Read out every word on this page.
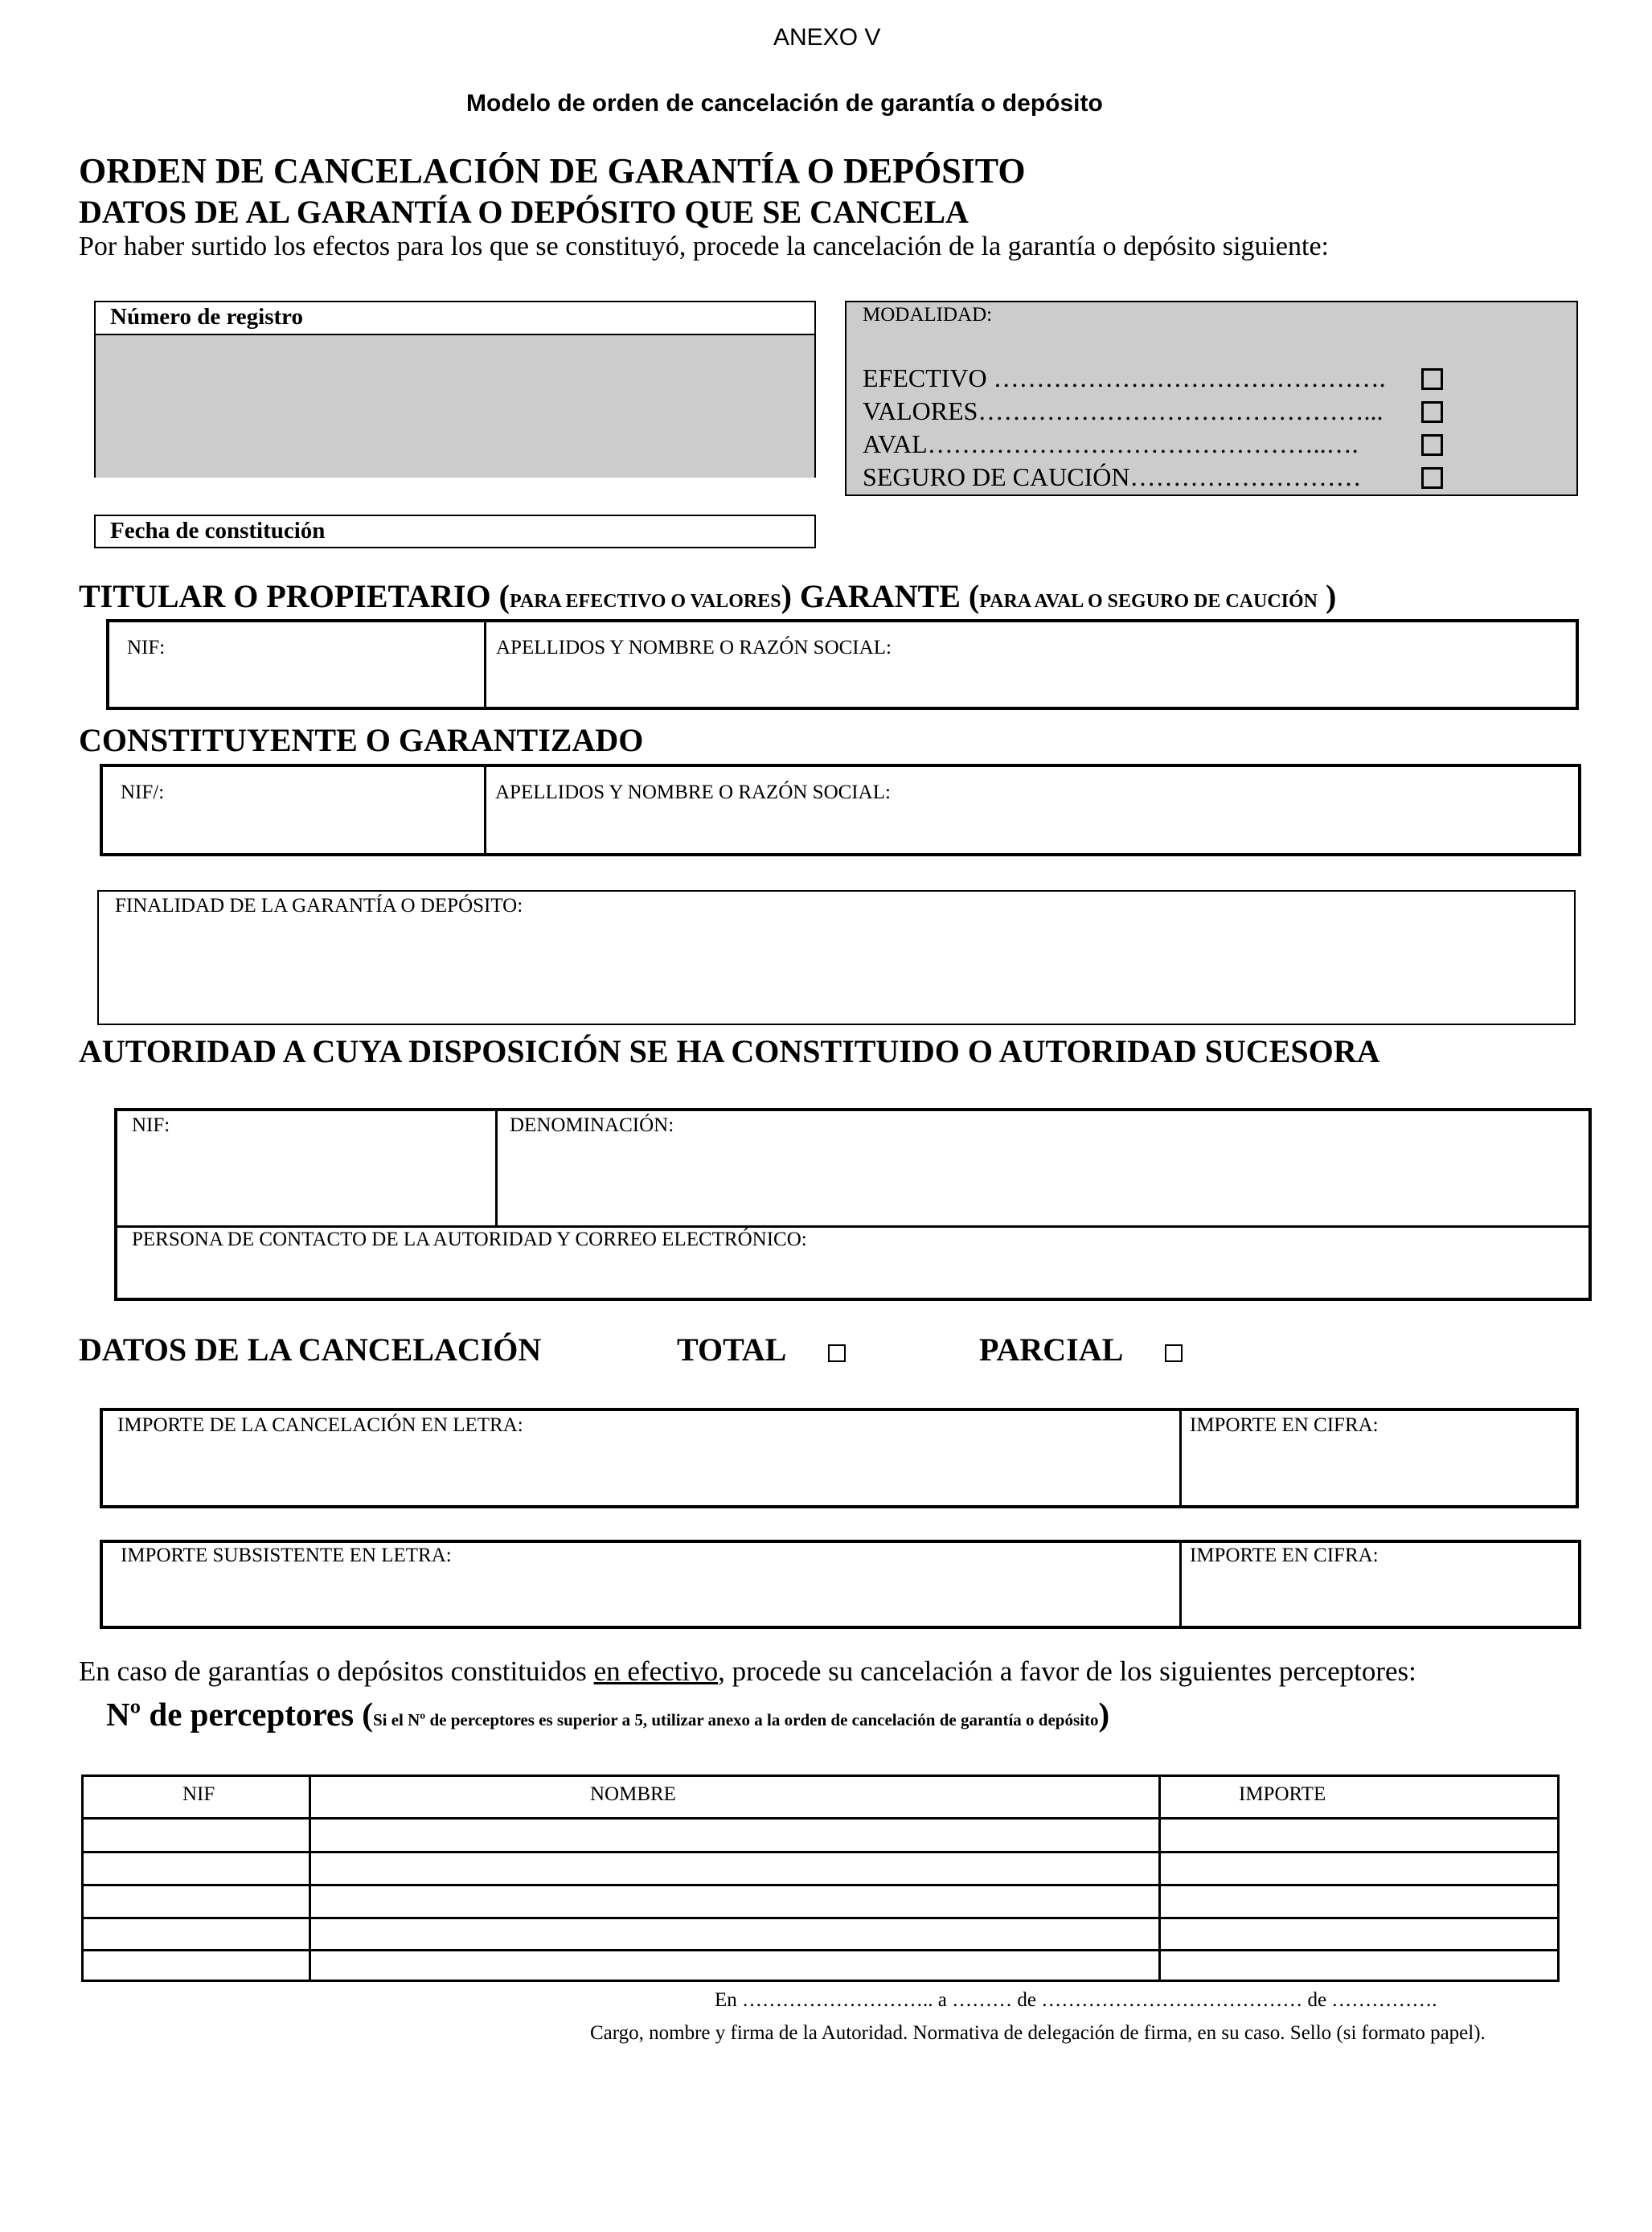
ANEXO V
Modelo de orden de cancelación de garantía o depósito
ORDEN DE CANCELACIÓN DE GARANTÍA O DEPÓSITO
DATOS DE AL GARANTÍA O DEPÓSITO QUE SE CANCELA
Por haber surtido los efectos para los que se constituyó, procede la cancelación de la garantía o depósito siguiente:
Número de registro
Fecha de constitución
MODALIDAD:
EFECTIVO ……………………………………….
VALORES………………………………………...
AVAL………………………………………..….
SEGURO DE CAUCIÓN………………………
TITULAR O PROPIETARIO (PARA EFECTIVO O VALORES) GARANTE (PARA AVAL O SEGURO DE CAUCIÓN )
NIF:	APELLIDOS Y NOMBRE O RAZÓN SOCIAL:
CONSTITUYENTE O GARANTIZADO
NIF/:	APELLIDOS Y NOMBRE O RAZÓN SOCIAL:
FINALIDAD DE LA GARANTÍA O DEPÓSITO:
AUTORIDAD A CUYA DISPOSICIÓN SE HA CONSTITUIDO O AUTORIDAD SUCESORA
NIF:	DENOMINACIÓN:
PERSONA DE CONTACTO DE LA AUTORIDAD Y CORREO ELECTRÓNICO:
DATOS DE LA CANCELACIÓN	TOTAL	PARCIAL
IMPORTE DE LA CANCELACIÓN EN LETRA:	IMPORTE EN CIFRA:
IMPORTE SUBSISTENTE EN LETRA:	IMPORTE EN CIFRA:
En caso de garantías o depósitos constituidos en efectivo, procede su cancelación a favor de los siguientes perceptores:
Nº de perceptores (Si el Nº de perceptores es superior a 5, utilizar anexo a la orden de cancelación de garantía o depósito)
NIF	NOMBRE	IMPORTE
En ……………………….. a ……… de ………………………………… de …………….
Cargo, nombre y firma de la Autoridad. Normativa de delegación de firma, en su caso. Sello (si formato papel).
